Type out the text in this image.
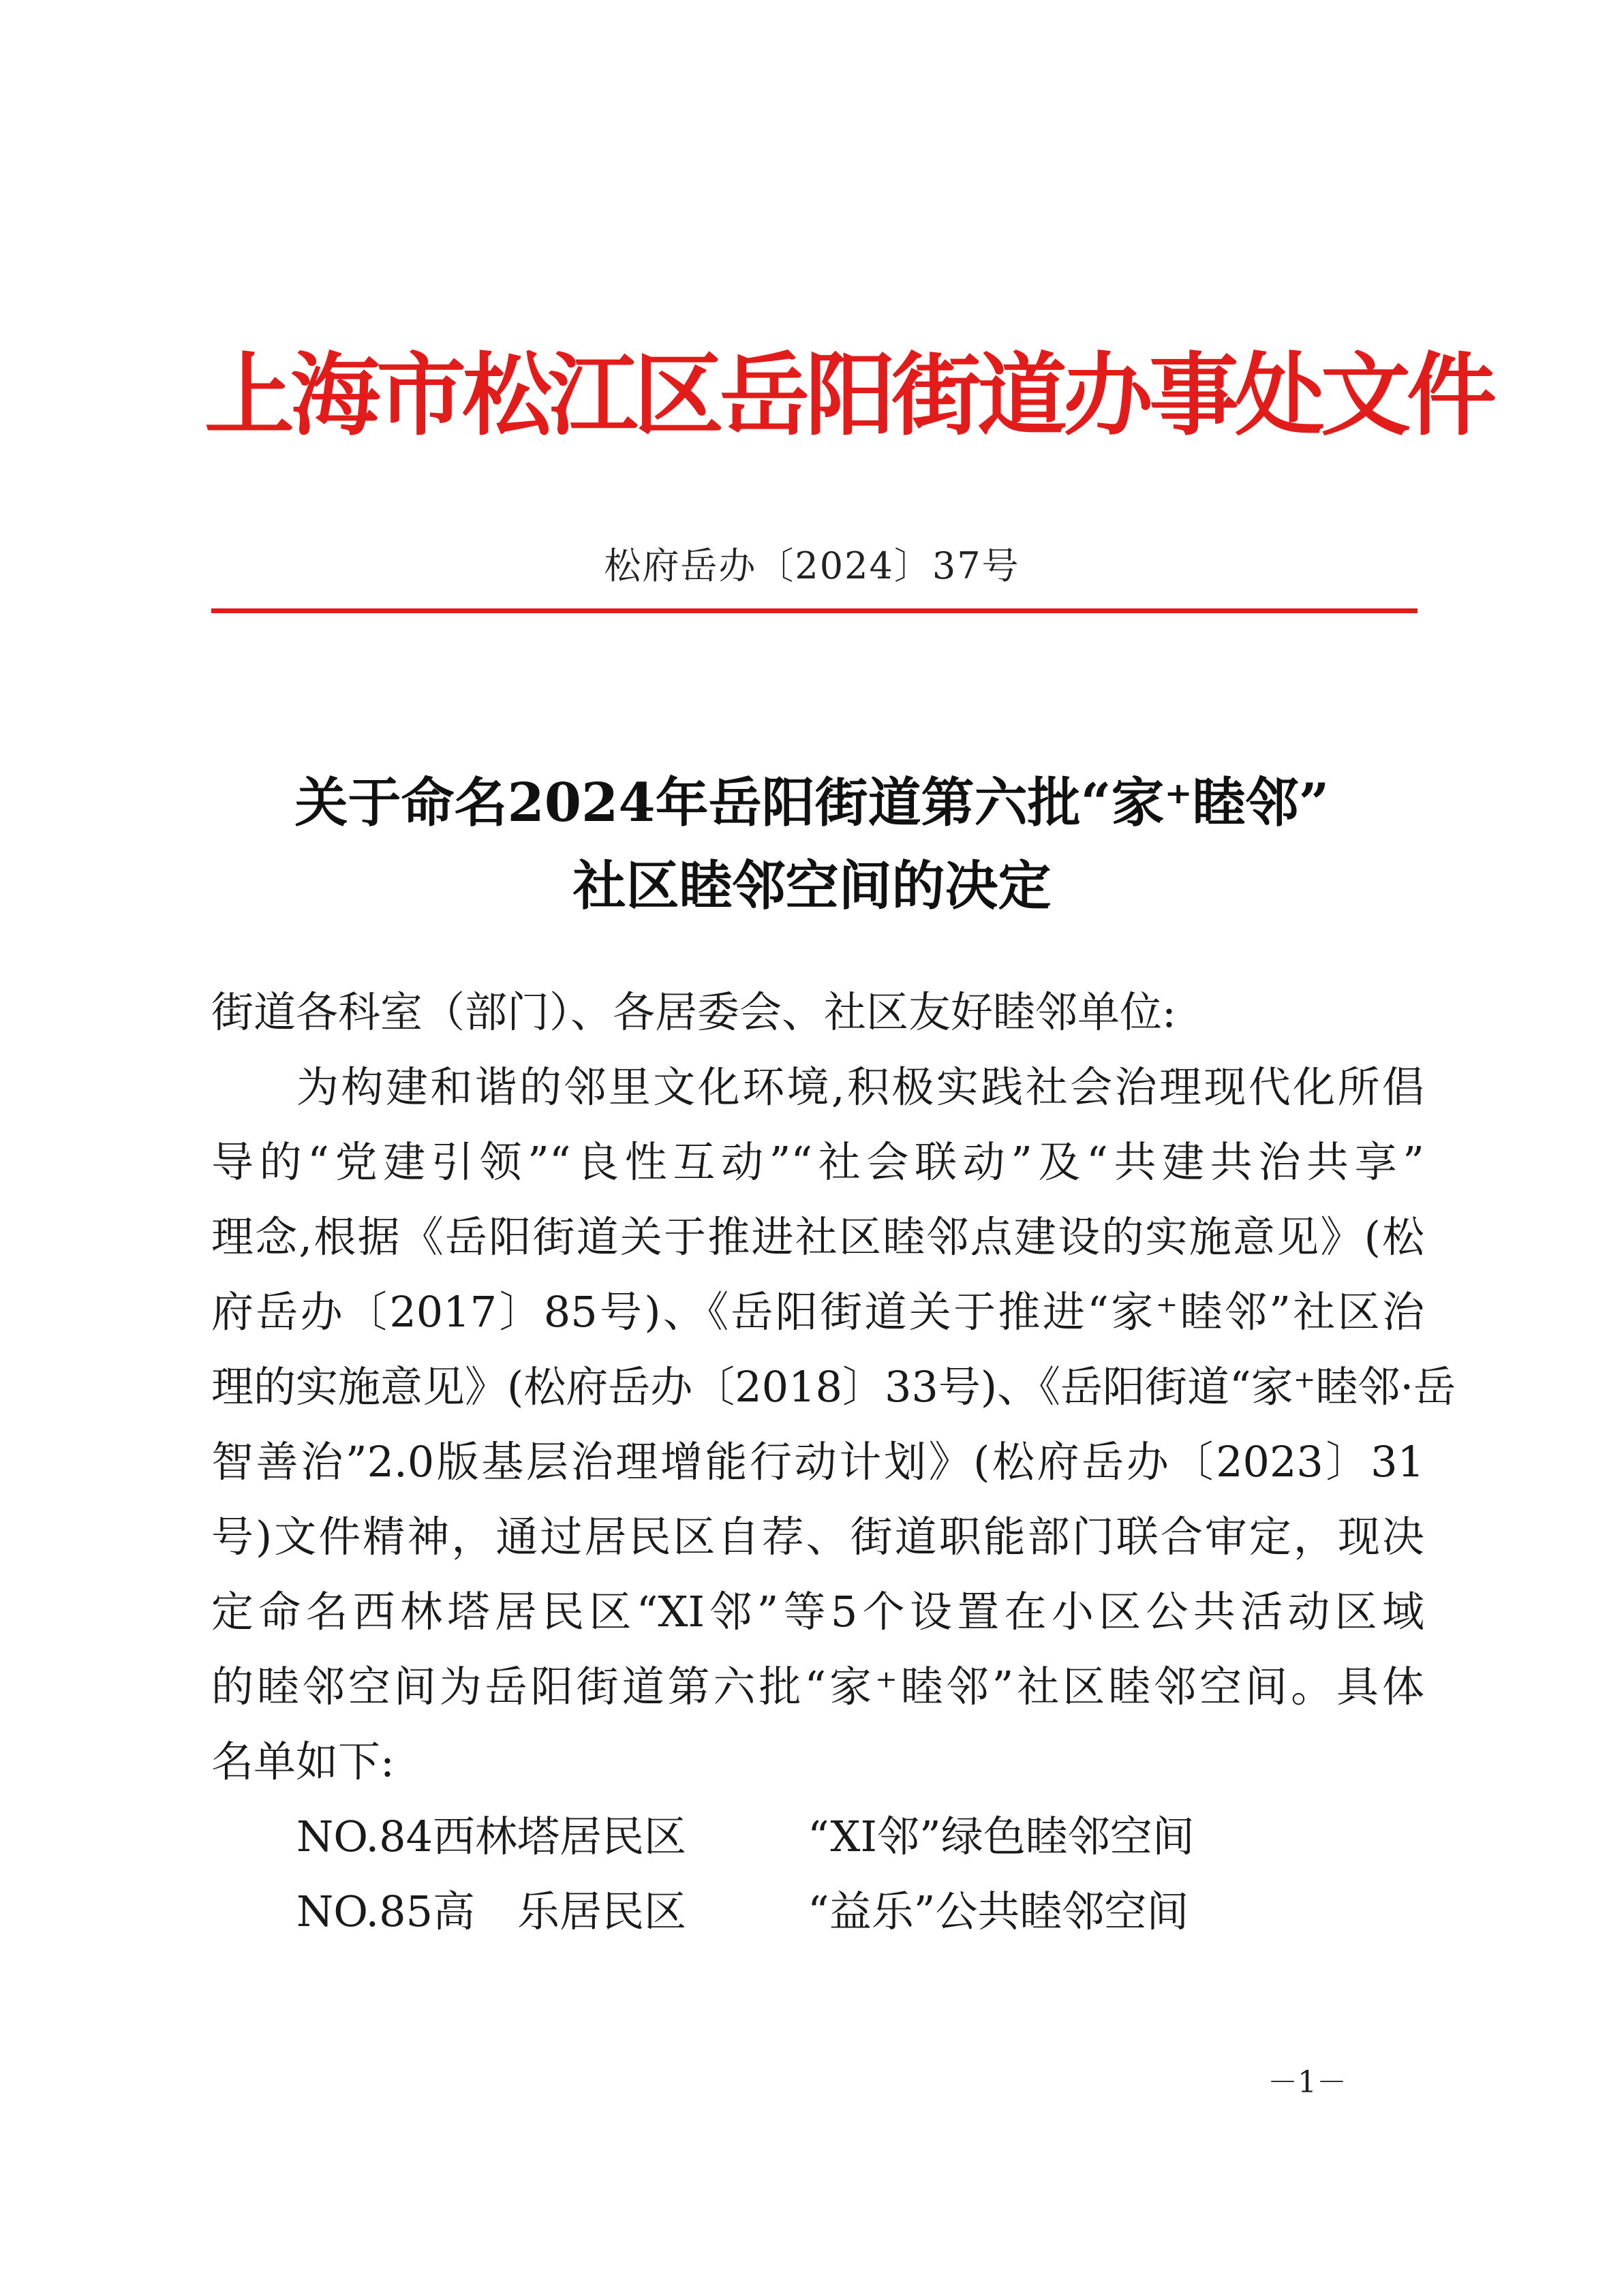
上海市松江区岳阳街道办事处文件
松府岳办〔2024〕37号
关于命名2024年岳阳街道第六批“家⁺睦邻”
社区睦邻空间的决定
街道各科室（部门）、各居委会、社区友好睦邻单位:
为构建和谐的邻里文化环境,积极实践社会治理现代化所倡
导的“党建引领”“良性互动”“社会联动”及“共建共治共享”
理念,根据《岳阳街道关于推进社区睦邻点建设的实施意见》(松
府岳办〔2017〕85号)、《岳阳街道关于推进“家⁺睦邻”社区治
理的实施意见》(松府岳办〔2018〕33号)、《岳阳街道“家⁺睦邻·岳
智善治”2.0版基层治理增能行动计划》(松府岳办〔2023〕31
号)文件精神，通过居民区自荐、街道职能部门联合审定，现决
定命名西林塔居民区“XI邻”等5个设置在小区公共活动区域
的睦邻空间为岳阳街道第六批“家⁺睦邻”社区睦邻空间。具体
名单如下:
NO.84 西林塔居民区	“XI邻”绿色睦邻空间
NO.85 高　乐居民区	“益乐”公共睦邻空间
－1－
